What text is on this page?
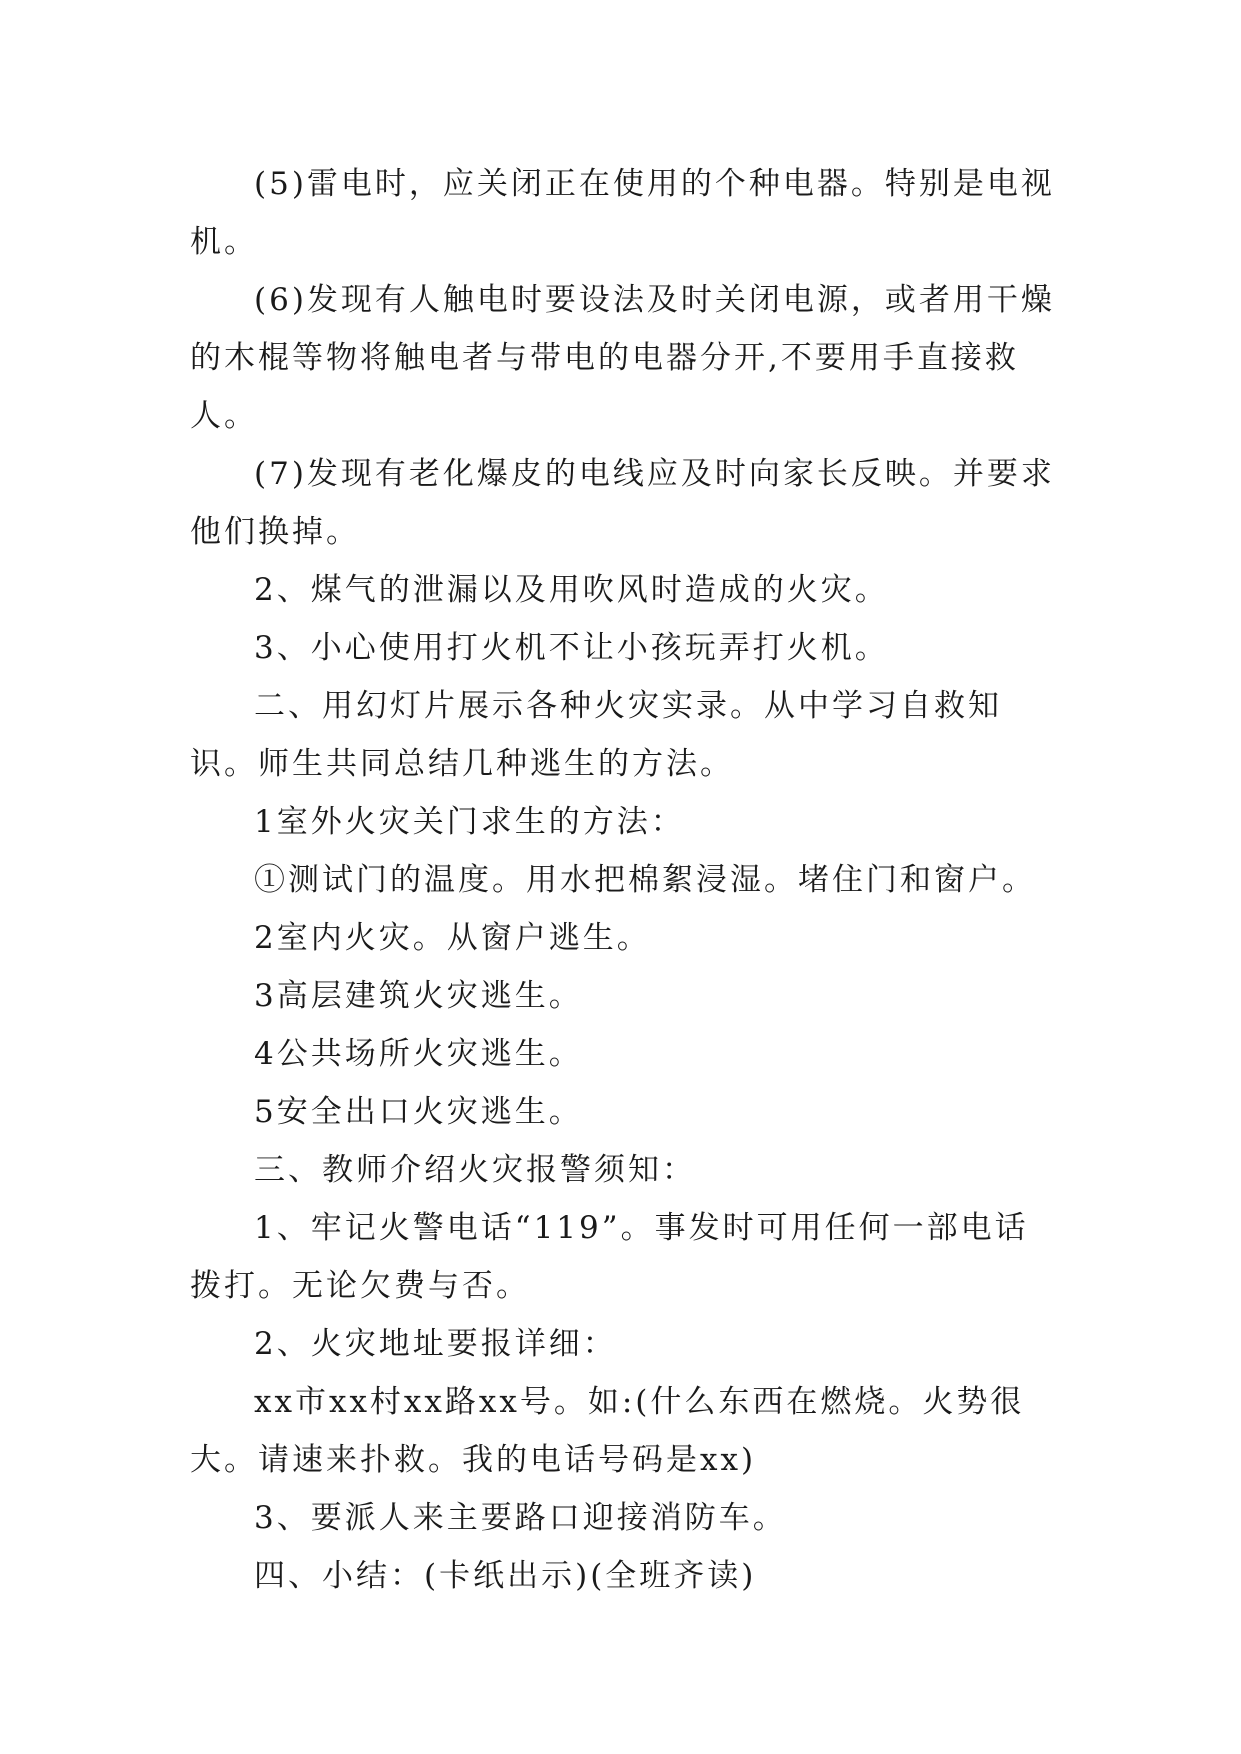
(5)雷电时，应关闭正在使用的个种电器。特别是电视机。

(6)发现有人触电时要设法及时关闭电源，或者用干燥的木棍等物将触电者与带电的电器分开,不要用手直接救人。

(7)发现有老化爆皮的电线应及时向家长反映。并要求他们换掉。

2、煤气的泄漏以及用吹风时造成的火灾。

3、小心使用打火机不让小孩玩弄打火机。

二、用幻灯片展示各种火灾实录。从中学习自救知识。师生共同总结几种逃生的方法。

1室外火灾关门求生的方法：

①测试门的温度。用水把棉絮浸湿。堵住门和窗户。

2室内火灾。从窗户逃生。

3高层建筑火灾逃生。

4公共场所火灾逃生。

5安全出口火灾逃生。

三、教师介绍火灾报警须知：

1、牢记火警电话“119”。事发时可用任何一部电话拨打。无论欠费与否。

2、火灾地址要报详细：

xx市xx村xx路xx号。如:(什么东西在燃烧。火势很大。请速来扑救。我的电话号码是xx)

3、要派人来主要路口迎接消防车。

四、小结：(卡纸出示)(全班齐读)
